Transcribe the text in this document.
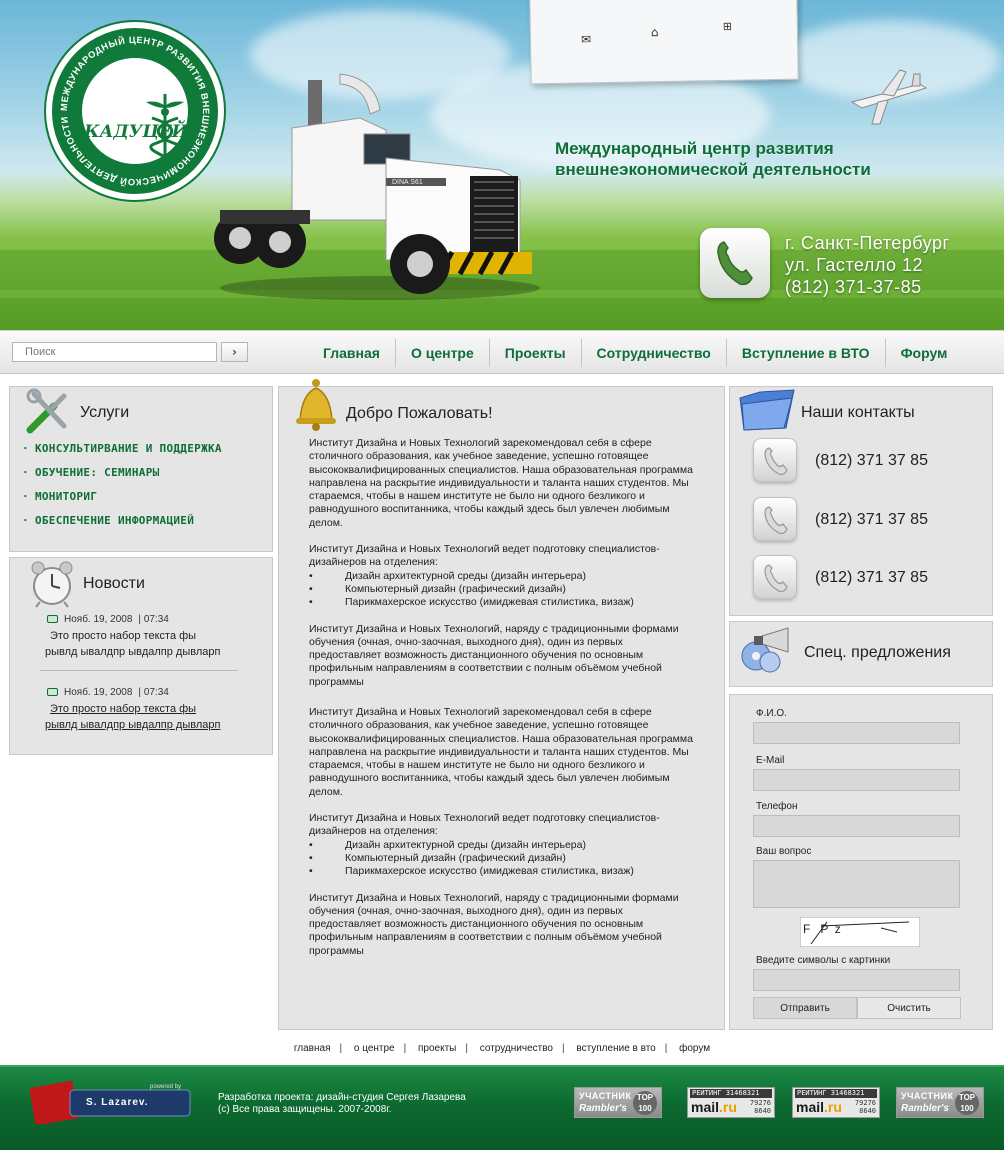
МЕЖДУНАРОДНЫЙ ЦЕНТР РАЗВИТИЯ ВНЕШНЕЭКОНОМИЧЕСКОЙ ДЕЯТЕЛЬНОСТИ
"КАДУЦЕЙ"
✉
⌂	⊞
DINA S61
Международный центр развития
внешнеэкономической деятельности
г. Санкт-Петербург
ул. Гастелло 12
(812) 371-37-85
Поиск
›	Главная	О центре	Проекты	Сотрудничество	Вступление в ВТО	Форум
Услуги
· КОНСУЛЬТИРВАНИЕ И ПОДДЕРЖКА
· ОБУЧЕНИЕ: СЕМИНАРЫ
· МОНИТОРИГ
· ОБЕСПЕЧЕНИЕ ИНФОРМАЦИЕЙ
Новости
Нояб. 19, 2008 | 07:34
Это просто набор текста фы
рывлд ывалдпр ывдалпр дывларп
Нояб. 19, 2008 | 07:34
Это просто набор текста фы
рывлд ывалдпр ывдалпр дывларп
Добро Пожаловать!

Институт Дизайна и Новых Технологий зарекомендовал себя в сфере столичного образования, как учебное заведение, успешно готовящее высококвалифицированных специалистов. Наша образовательная программа направлена на раскрытие индивидуальности и таланта наших студентов. Мы стараемся, чтобы в нашем институте не было ни одного безликого и равнодушного воспитанника, чтобы каждый здесь был увлечен любимым делом.

Институт Дизайна и Новых Технологий ведет подготовку специалистов-дизайнеров на отделения:
• Дизайн архитектурной среды (дизайн интерьера)
• Компьютерный дизайн (графический дизайн)
• Парикмахерское искусство (имиджевая стилистика, визаж)

Институт Дизайна и Новых Технологий, наряду с традиционными формами обучения (очная, очно-заочная, выходного дня), один из первых предоставляет возможность дистанционного обучения по основным профильным направлениям в соответствии с полным объёмом учебной программы

Институт Дизайна и Новых Технологий зарекомендовал себя в сфере столичного образования, как учебное заведение, успешно готовящее высококвалифицированных специалистов. Наша образовательная программа направлена на раскрытие индивидуальности и таланта наших студентов. Мы стараемся, чтобы в нашем институте не было ни одного безликого и равнодушного воспитанника, чтобы каждый здесь был увлечен любимым делом.

Институт Дизайна и Новых Технологий ведет подготовку специалистов-дизайнеров на отделения:
• Дизайн архитектурной среды (дизайн интерьера)
• Компьютерный дизайн (графический дизайн)
• Парикмахерское искусство (имиджевая стилистика, визаж)

Институт Дизайна и Новых Технологий, наряду с традиционными формами обучения (очная, очно-заочная, выходного дня), один из первых предоставляет возможность дистанционного обучения по основным профильным направлениям в соответствии с полным объёмом учебной программы

Наши контакты
(812) 371 37 85
(812) 371 37 85
(812) 371 37 85
Спец. предложения
Ф.И.О.
E-Mail
Телефон
Ваш вопрос
F   P  z
Введите символы с картинки
Отправить	Очистить
главная | о центре | проекты | сотрудничество | вступление в вто | форум
powered by
S. Lazarev.	Разработка проекта: дизайн-студия Сергея Лазарева
(с) Все права защищены. 2007-2008г.
УЧАСТНИК
Rambler's
TOP 100
РЕЙТИНГ 31468321
mail.ru 79276
8640
РЕЙТИНГ 31468321
mail.ru 79276
8640
УЧАСТНИК
Rambler's
TOP 100
